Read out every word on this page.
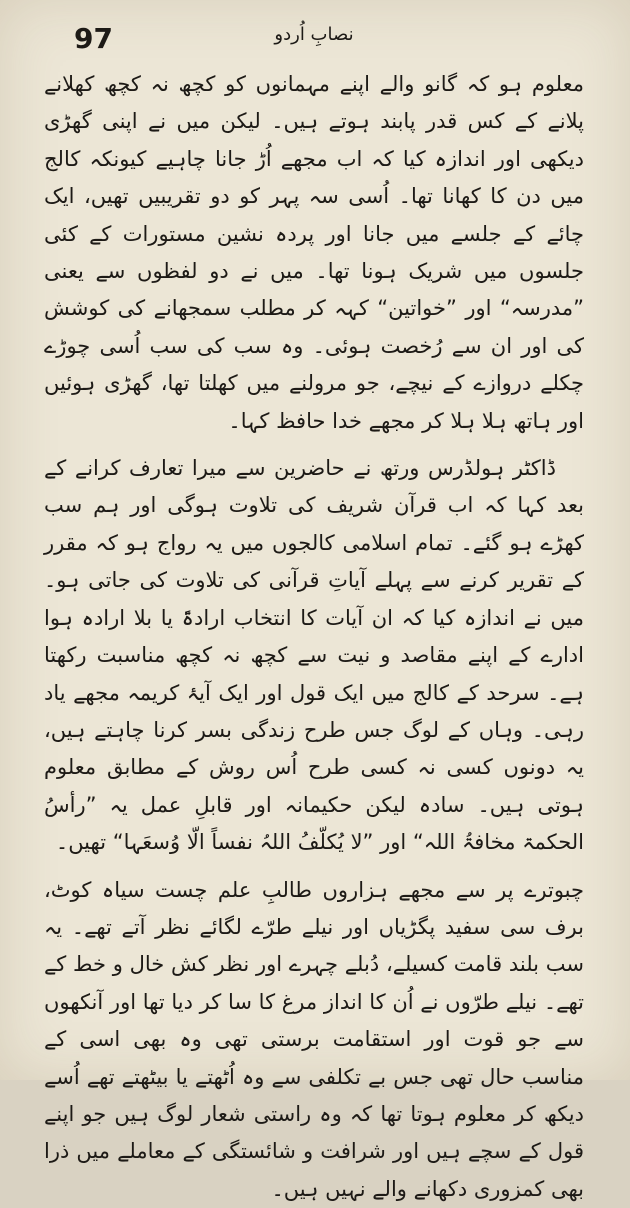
97	نصابِ اُردو

معلوم ہو کہ گانو والے اپنے مہمانوں کو کچھ نہ کچھ کھلانے پلانے کے کس قدر پابند ہوتے ہیں۔ لیکن میں نے اپنی گھڑی دیکھی اور اندازہ کیا کہ اب مجھے اُڑ جانا چاہیے کیونکہ کالج میں دن کا کھانا تھا۔ اُسی سہ پہر کو دو تقریبیں تھیں، ایک چائے کے جلسے میں جانا اور پردہ نشین مستورات کے کئی جلسوں میں شریک ہونا تھا۔ میں نے دو لفظوں سے یعنی ”مدرسہ“ اور ”خواتین“ کہہ کر مطلب سمجھانے کی کوشش کی اور ان سے رُخصت ہوئی۔ وہ سب کی سب اُسی چوڑے چکلے دروازے کے نیچے، جو مرولنے میں کھلتا تھا، گھڑی ہوئیں اور ہاتھ ہلا ہلا کر مجھے خدا حافظ کہا۔

ڈاکٹر ہولڈرس ورتھ نے حاضرین سے میرا تعارف کرانے کے بعد کہا کہ اب قرآن شریف کی تلاوت ہوگی اور ہم سب کھڑے ہو گئے۔ تمام اسلامی کالجوں میں یہ رواج ہو کہ مقرر کے تقریر کرنے سے پہلے آیاتِ قرآنی کی تلاوت کی جاتی ہو۔ میں نے اندازہ کیا کہ ان آیات کا انتخاب ارادۃً یا بلا ارادہ ہوا ادارے کے اپنے مقاصد و نیت سے کچھ نہ کچھ مناسبت رکھتا ہے۔ سرحد کے کالج میں ایک قول اور ایک آیۂ کریمہ مجھے یاد رہی۔ وہاں کے لوگ جس طرح زندگی بسر کرنا چاہتے ہیں، یہ دونوں کسی نہ کسی طرح اُس روش کے مطابق معلوم ہوتی ہیں۔ سادہ لیکن حکیمانہ اور قابلِ عمل یہ ”رأسُ الحکمۃ مخافۃُ اللہ“ اور ”لا یُکلّفُ اللہُ نفساً الّا وُسعَہا“ تھیں۔

چبوترے پر سے مجھے ہزاروں طالبِ علم چست سیاہ کوٹ، برف سی سفید پگڑیاں اور نیلے طرّے لگائے نظر آتے تھے۔ یہ سب بلند قامت کسیلے، دُبلے چہرے اور نظر کش خال و خط کے تھے۔ نیلے طرّوں نے اُن کا انداز مرغ کا سا کر دیا تھا اور آنکھوں سے جو قوت اور استقامت برستی تھی وہ بھی اسی کے مناسب حال تھی جس بے تکلفی سے وہ اُٹھتے یا بیٹھتے تھے اُسے دیکھ کر معلوم ہوتا تھا کہ وہ راستی شعار لوگ ہیں جو اپنے قول کے سچے ہیں اور شرافت و شائستگی کے معاملے میں ذرا بھی کمزوری دکھانے والے نہیں ہیں۔
